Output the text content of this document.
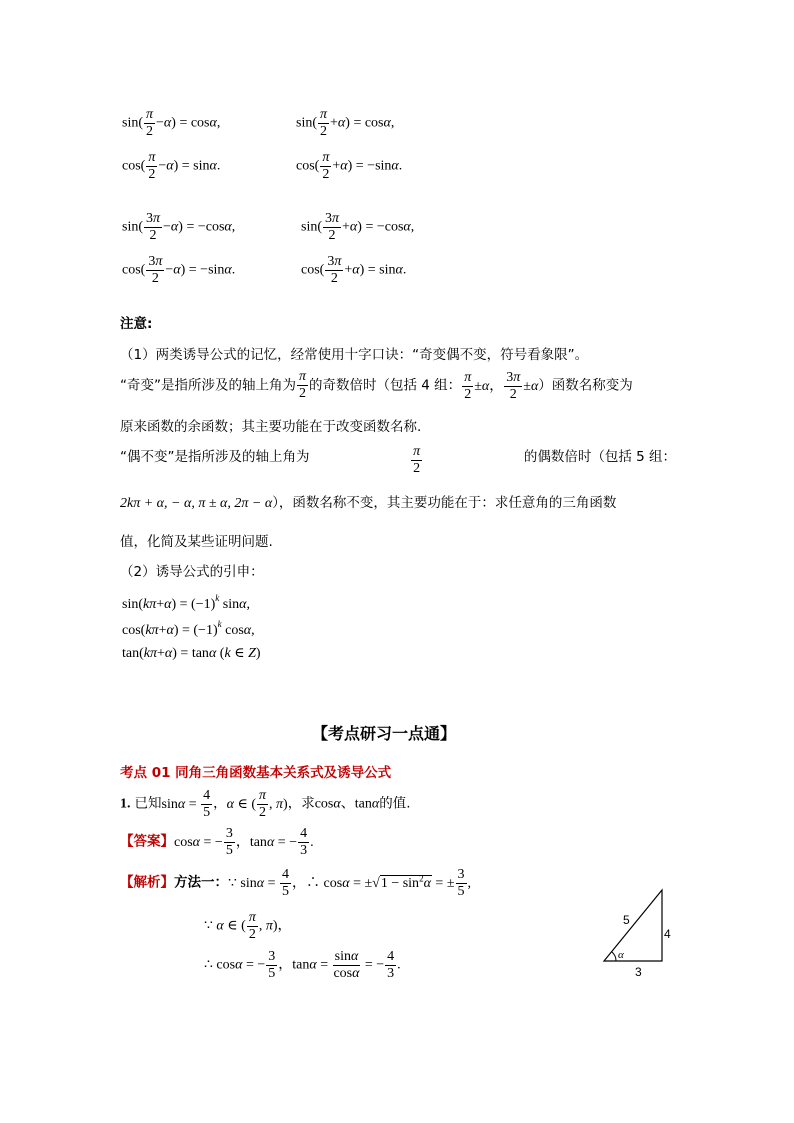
$\sin( \frac{\pi}{2} -\alpha) = \cos\alpha$,	$\sin( \frac{\pi}{2} +\alpha) = \cos\alpha$,
$\cos( \frac{\pi}{2} -\alpha) = \sin\alpha$.	$\cos( \frac{\pi}{2} +\alpha) = -\sin\alpha$.
$\sin( \frac{3\pi}{2} -\alpha) = -\cos\alpha$,	$\sin( \frac{3\pi}{2} +\alpha) = -\cos\alpha$,
$\cos( \frac{3\pi}{2} -\alpha) = -\sin\alpha$.	$\cos( \frac{3\pi}{2} +\alpha) = \sin\alpha$.
注意:
（1）两类诱导公式的记忆，经常使用十字口诀：“奇变偶不变，符号看象限”。
“奇变”是指所涉及的轴上角为 $\frac{\pi}{2}$ 的奇数倍时（包括 4 组： $\frac{\pi}{2} \pm\alpha$， $\frac{3\pi}{2} \pm\alpha$）函数名称变为
原来函数的余函数；其主要功能在于改变函数名称.
“偶不变”是指所涉及的轴上角为	$\frac{\pi}{2}$	的偶数倍时（包括 5 组：
2kπ + α, − α, π ± α, 2π − α），函数名称不变，其主要功能在于：求任意角的三角函数
值，化简及某些证明问题.
（2）诱导公式的引申：
$\sin(k\pi+\alpha) = (-1)^k$ sinα,
$\cos(k\pi+\alpha) = (-1)^k$ cosα,
tan(kπ+α) = tanα (k ∈ Z)
【考点研习一点通】
考点 01 同角三角函数基本关系式及诱导公式
1. 已知$\sin\alpha = \frac{4}{5}$ ，α ∈ ( $\frac{\pi}{2}$ , π)，求cosα、tanα的值.
【答案】cosα = − $\frac{3}{5}$ ，tanα = − $\frac{4}{3}$ .
【解析】方法一：∵ $\sin\alpha = \frac{4}{5}$ ，∴ $\cos\alpha = \pm√1 - \sin^2\alpha$ = ± $\frac{3}{5}$ ,
∵ α ∈ ( $\frac{\pi}{2}$ , π)，
∴ cosα = − $\frac{3}{5}$ ，$\tan\alpha = \frac{\sin\alpha}{\cos\alpha}$ = − $\frac{4}{3}$ .
5
4
3
α
